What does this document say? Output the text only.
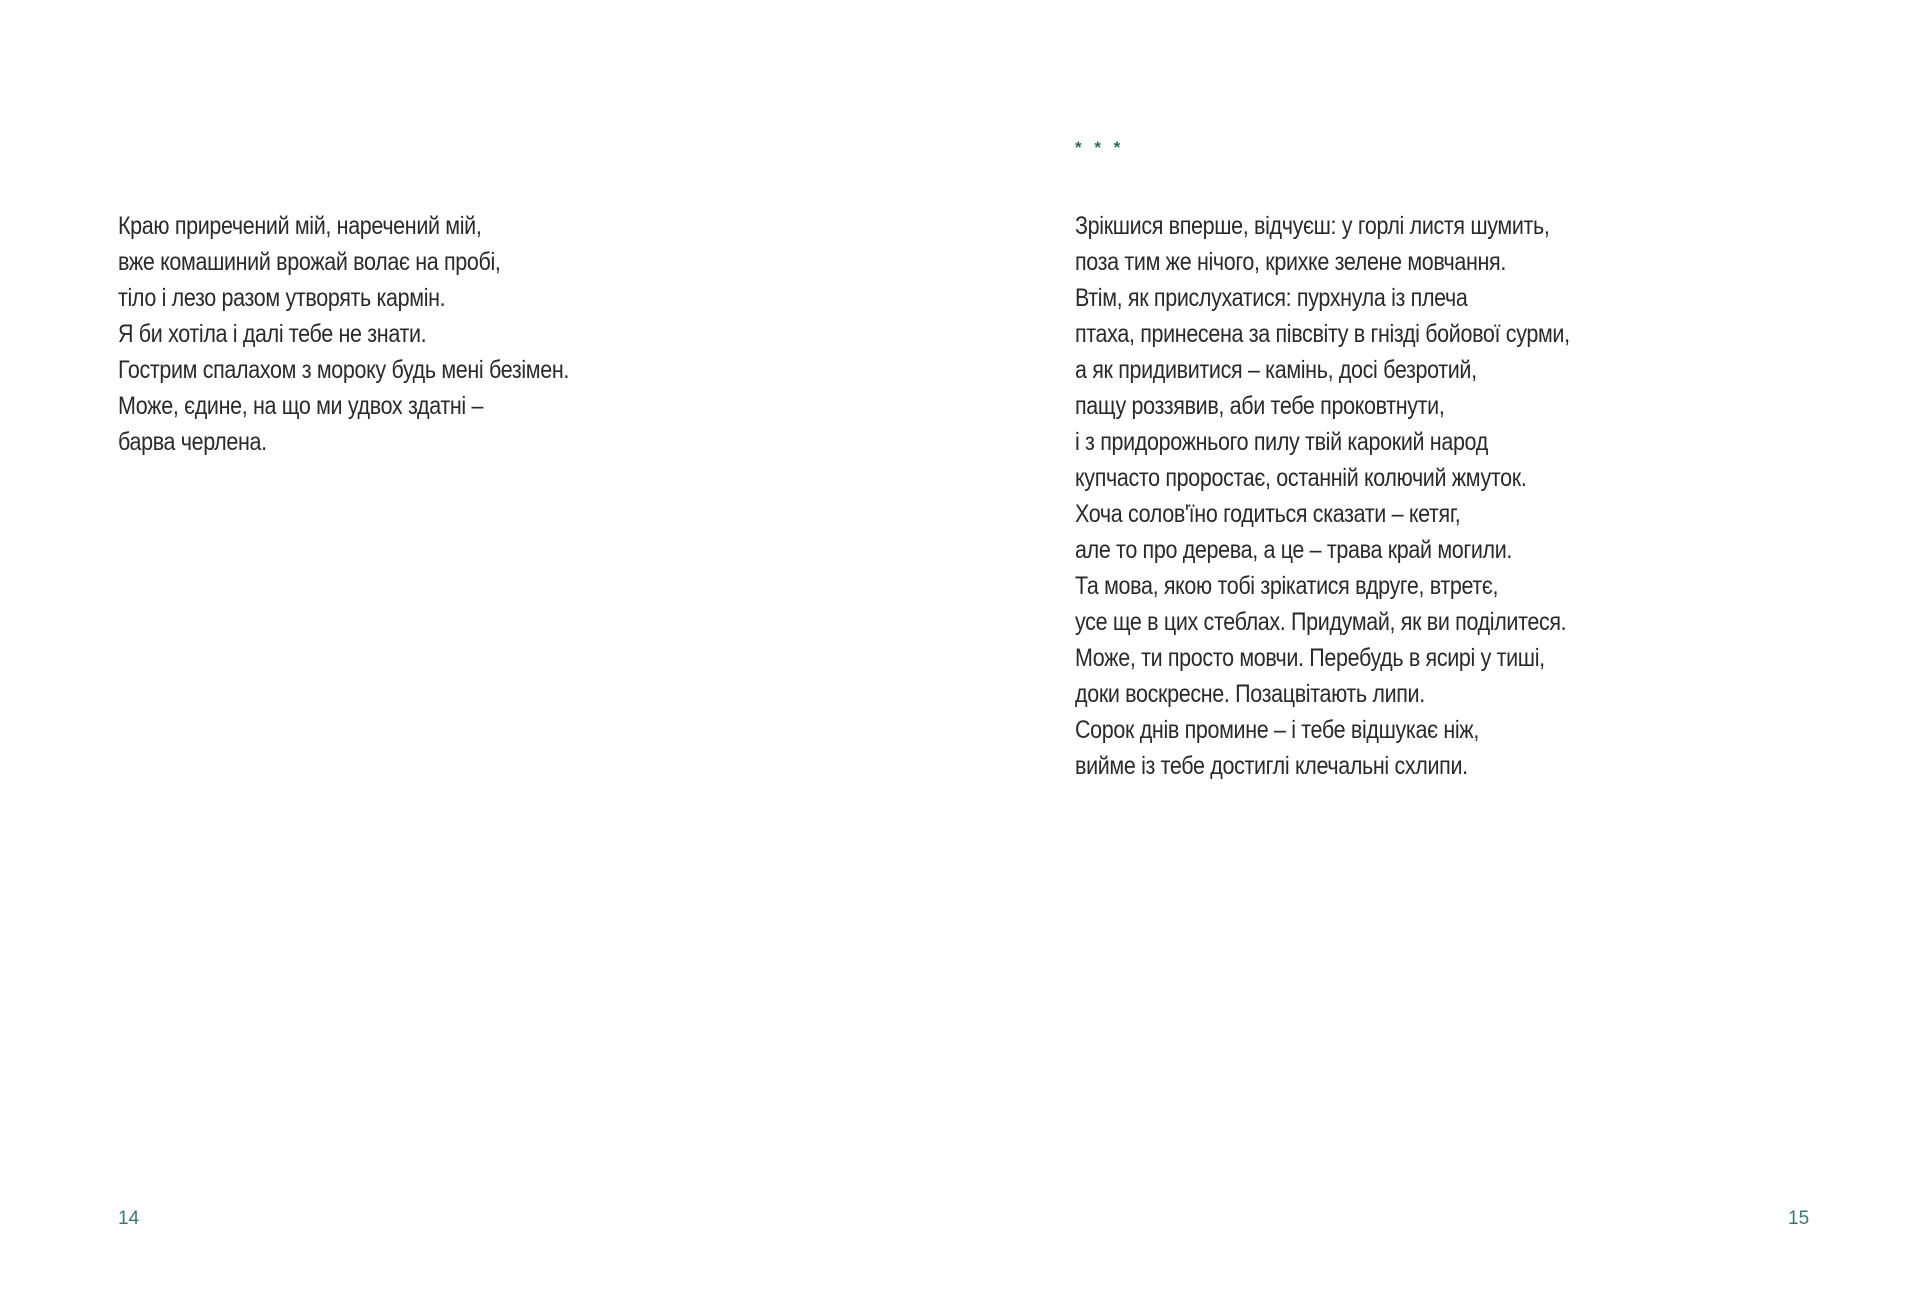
Краю приречений мій, наречений мій,
вже комашиний врожай волає на пробі,
тіло і лезо разом утворять кармін.
Я би хотіла і далі тебе не знати.
Гострим спалахом з мороку будь мені безімен.
Може, єдине, на що ми удвох здатні –
барва черлена.
14
* * *
Зрікшися вперше, відчуєш: у горлі листя шумить,
поза тим же нічого, крихке зелене мовчання.
Втім, як прислухатися: пурхнула із плеча
птаха, принесена за півсвіту в гнізді бойової сурми,
а як придивитися – камінь, досі безротий,
пащу роззявив, аби тебе проковтнути,
і з придорожнього пилу твій карокий народ
купчасто проростає, останній колючий жмуток.
Хоча солов'їно годиться сказати – кетяг,
але то про дерева, а це – трава край могили.
Та мова, якою тобі зрікатися вдруге, втретє,
усе ще в цих стеблах. Придумай, як ви поділитеся.
Може, ти просто мовчи. Перебудь в ясирі у тиші,
доки воскресне. Позацвітають липи.
Сорок днів промине – і тебе відшукає ніж,
вийме із тебе достиглі клечальні схлипи.
15
